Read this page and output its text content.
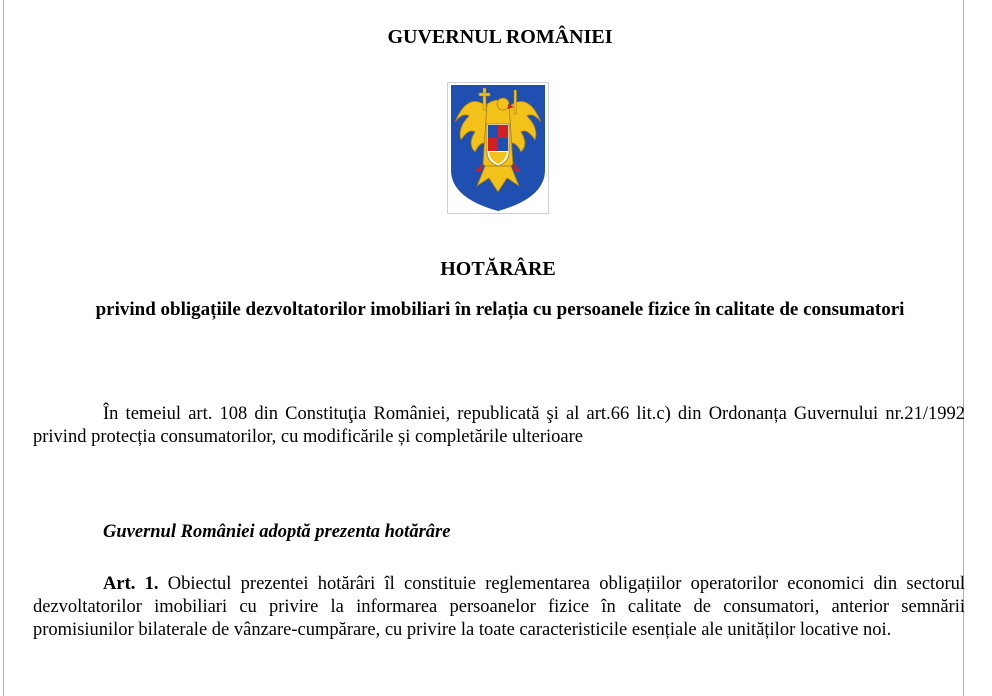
GUVERNUL ROMÂNIEI
HOTĂRÂRE
privind obligațiile dezvoltatorilor imobiliari în relația cu persoanele fizice în calitate de consumatori

În temeiul art. 108 din Constituţia României, republicată şi al art.66 lit.c) din Ordonanța Guvernului nr.21/1992 privind protecția consumatorilor, cu modificările și completările ulterioare

Guvernul României adoptă prezenta hotărâre

Art. 1. Obiectul prezentei hotărâri îl constituie reglementarea obligațiilor operatorilor economici din sectorul dezvoltatorilor imobiliari cu privire la informarea persoanelor fizice în calitate de consumatori, anterior semnării promisiunilor bilaterale de vânzare-cumpărare, cu privire la toate caracteristicile esențiale ale unităților locative noi.
